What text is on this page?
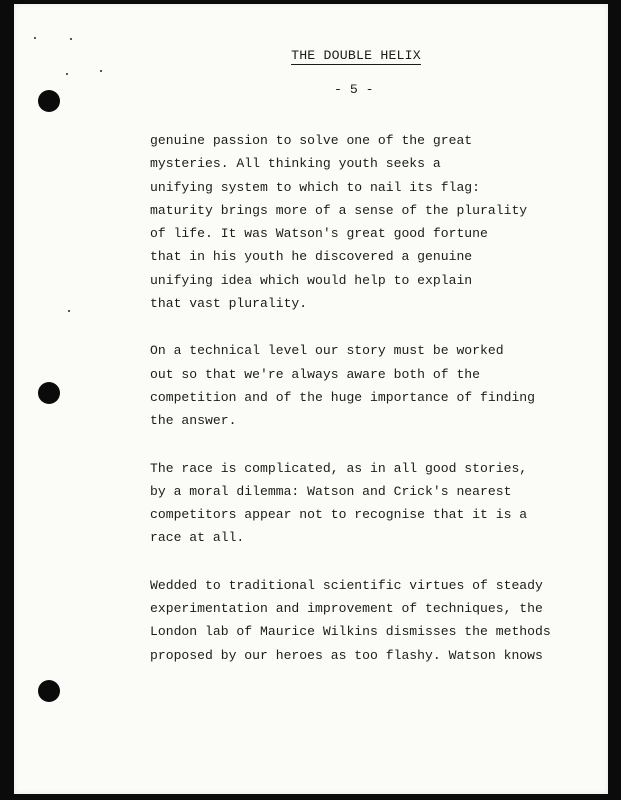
THE DOUBLE HELIX
- 5 -
genuine passion to solve one of the great
mysteries. All thinking youth seeks a
unifying system to which to nail its flag:
maturity brings more of a sense of the plurality
of life. It was Watson's great good fortune
that in his youth he discovered a genuine
unifying idea which would help to explain
that vast plurality.
On a technical level our story must be worked
out so that we're always aware both of the
competition and of the huge importance of finding
the answer.
The race is complicated, as in all good stories,
by a moral dilemma: Watson and Crick's nearest
competitors appear not to recognise that it is a
race at all.
Wedded to traditional scientific virtues of steady
experimentation and improvement of techniques, the
London lab of Maurice Wilkins dismisses the methods
proposed by our heroes as too flashy. Watson knows
